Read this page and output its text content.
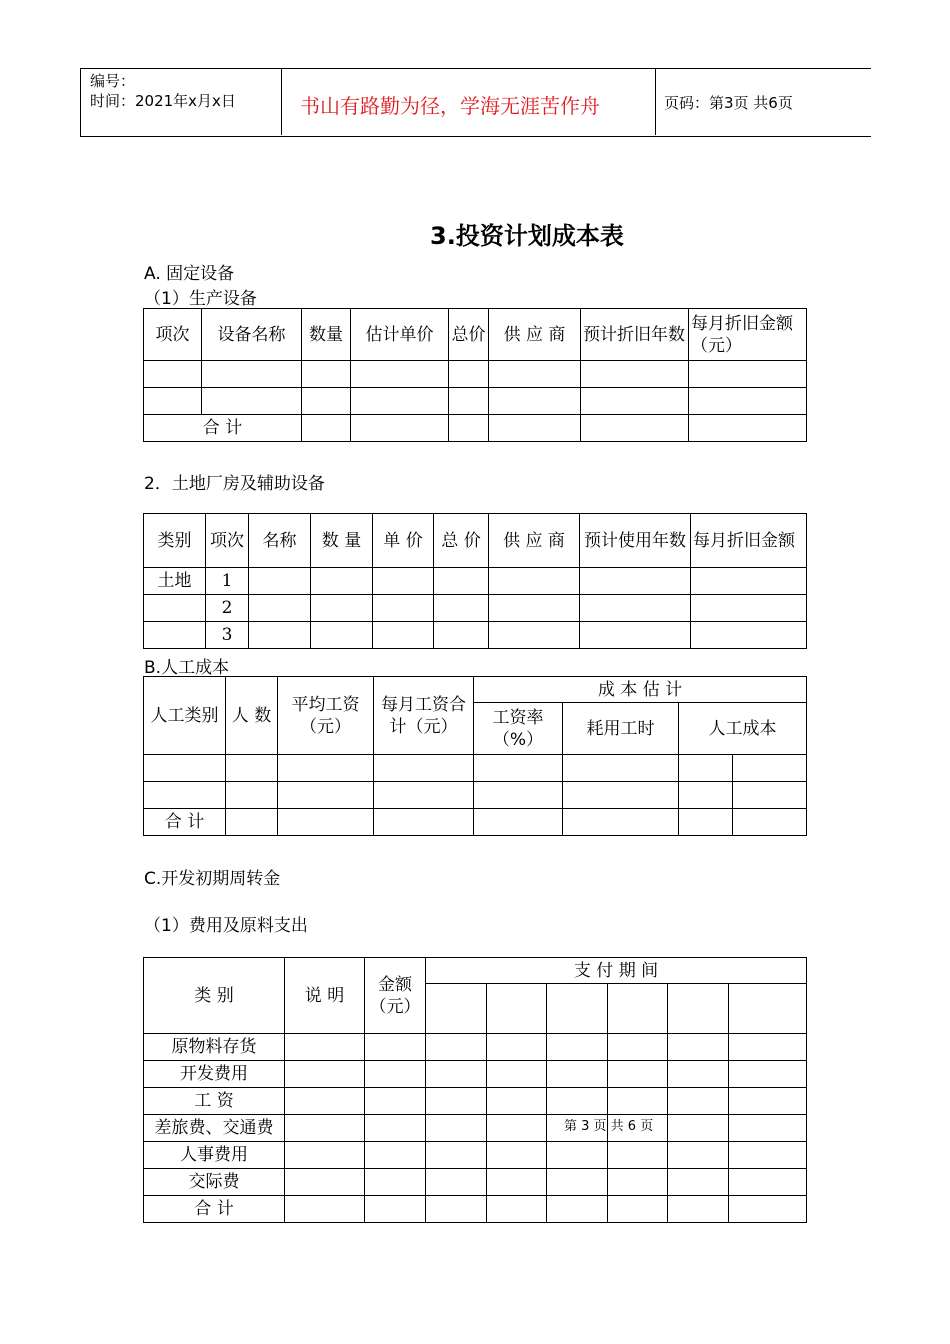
编号：
时间：2021年x月x日	书山有路勤为径，学海无涯苦作舟	页码：第3页 共6页
3.投资计划成本表
A. 固定设备
（1）生产设备
项次	设备名称	数量	估计单价	总价	供 应 商	预计折旧年数	每月折旧金额（元）

合 计							
2．土地厂房及辅助设备
类别	项次	名称	数 量	单 价	总 价	供 应 商	预计使用年数	每月折旧金额
土地	1							
	2							
	3							
B.人工成本
人工类别	人 数	平均工资（元）	每月工资合计（元）	成 本 估 计			
				工资率（%）	耗用工时	人工成本	

合 计							
C.开发初期周转金
（1）费用及原料支出
类 别	说 明	金额（元）	支 付 期 间					

原物料存货								
开发费用								
工 资								
差旅费、交通费								
人事费用								
交际费								
合 计								
第 3 页 共 6 页
